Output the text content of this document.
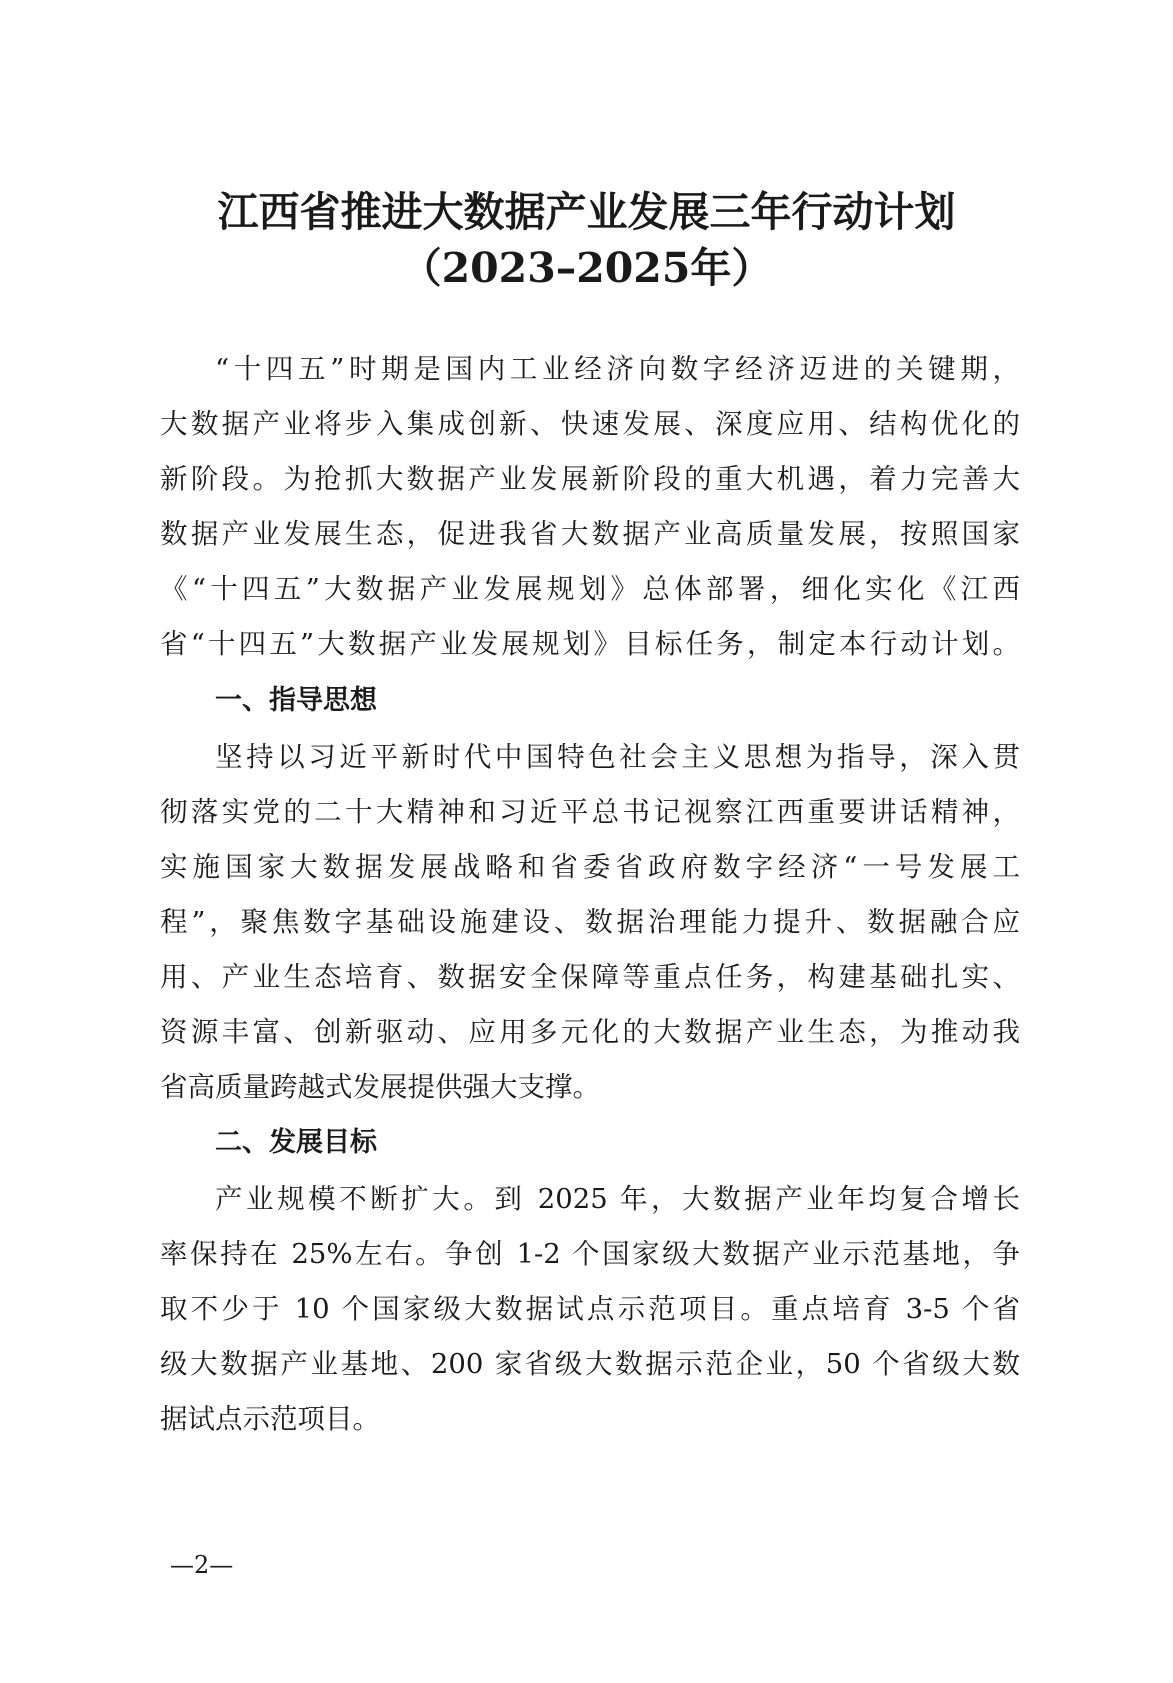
江西省推进大数据产业发展三年行动计划
（2023–2025年）

“十四五”时期是国内工业经济向数字经济迈进的关键期，

大数据产业将步入集成创新、快速发展、深度应用、结构优化的

新阶段。为抢抓大数据产业发展新阶段的重大机遇，着力完善大

数据产业发展生态，促进我省大数据产业高质量发展，按照国家

《“十四五”大数据产业发展规划》总体部署，细化实化《江西

省“十四五”大数据产业发展规划》目标任务，制定本行动计划。

一、指导思想

坚持以习近平新时代中国特色社会主义思想为指导，深入贯

彻落实党的二十大精神和习近平总书记视察江西重要讲话精神，

实施国家大数据发展战略和省委省政府数字经济“一号发展工

程”，聚焦数字基础设施建设、数据治理能力提升、数据融合应

用、产业生态培育、数据安全保障等重点任务，构建基础扎实、

资源丰富、创新驱动、应用多元化的大数据产业生态，为推动我

省高质量跨越式发展提供强大支撑。

二、发展目标

产业规模不断扩大。到 2025 年，大数据产业年均复合增长

率保持在 25%左右。争创 1-2 个国家级大数据产业示范基地，争

取不少于 10 个国家级大数据试点示范项目。重点培育 3-5 个省

级大数据产业基地、200 家省级大数据示范企业，50 个省级大数

据试点示范项目。

—2—
